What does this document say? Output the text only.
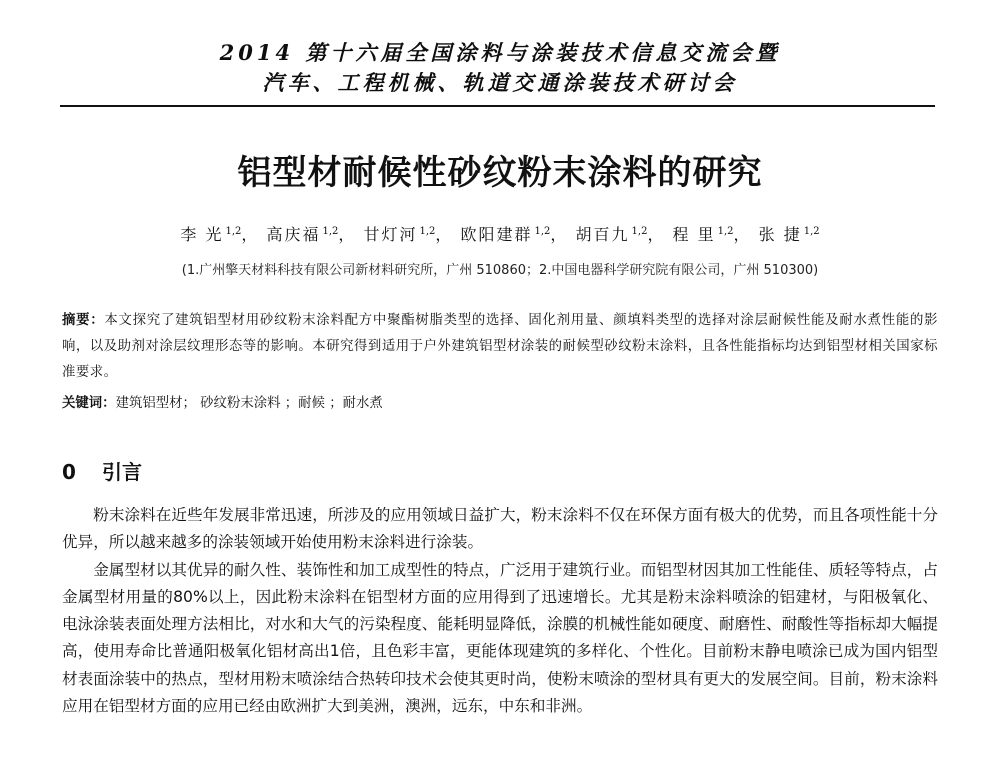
2014 第十六届全国涂料与涂装技术信息交流会暨
汽车、工程机械、轨道交通涂装技术研讨会
铝型材耐候性砂纹粉末涂料的研究
李 光 $^{1,2}$， 高庆福 $^{1,2}$， 甘灯河 $^{1,2}$， 欧阳建群 $^{1,2}$， 胡百九 $^{1,2}$， 程 里 $^{1,2}$， 张 捷 $^{1,2}$
(1.广州擎天材料科技有限公司新材料研究所，广州 510860；2.中国电器科学研究院有限公司，广州 510300)
摘要：本文探究了建筑铝型材用砂纹粉末涂料配方中聚酯树脂类型的选择、固化剂用量、颜填料类型的选择对涂层耐候性能及耐水煮性能的影响，以及助剂对涂层纹理形态等的影响。本研究得到适用于户外建筑铝型材涂装的耐候型砂纹粉末涂料，且各性能指标均达到铝型材相关国家标准要求。
关键词：建筑铝型材； 砂纹粉末涂料 ；耐候 ；耐水煮
0 引言

粉末涂料在近些年发展非常迅速，所涉及的应用领域日益扩大，粉末涂料不仅在环保方面有极大的优势，而且各项性能十分优异，所以越来越多的涂装领域开始使用粉末涂料进行涂装。

金属型材以其优异的耐久性、装饰性和加工成型性的特点，广泛用于建筑行业。而铝型材因其加工性能佳、质轻等特点，占金属型材用量的80%以上，因此粉末涂料在铝型材方面的应用得到了迅速增长。尤其是粉末涂料喷涂的铝建材，与阳极氧化、电泳涂装表面处理方法相比，对水和大气的污染程度、能耗明显降低，涂膜的机械性能如硬度、耐磨性、耐酸性等指标却大幅提高，使用寿命比普通阳极氧化铝材高出1倍，且色彩丰富，更能体现建筑的多样化、个性化。目前粉末静电喷涂已成为国内铝型材表面涂装中的热点，型材用粉末喷涂结合热转印技术会使其更时尚，使粉末喷涂的型材具有更大的发展空间。目前，粉末涂料应用在铝型材方面的应用已经由欧洲扩大到美洲，澳洲，远东，中东和非洲。
